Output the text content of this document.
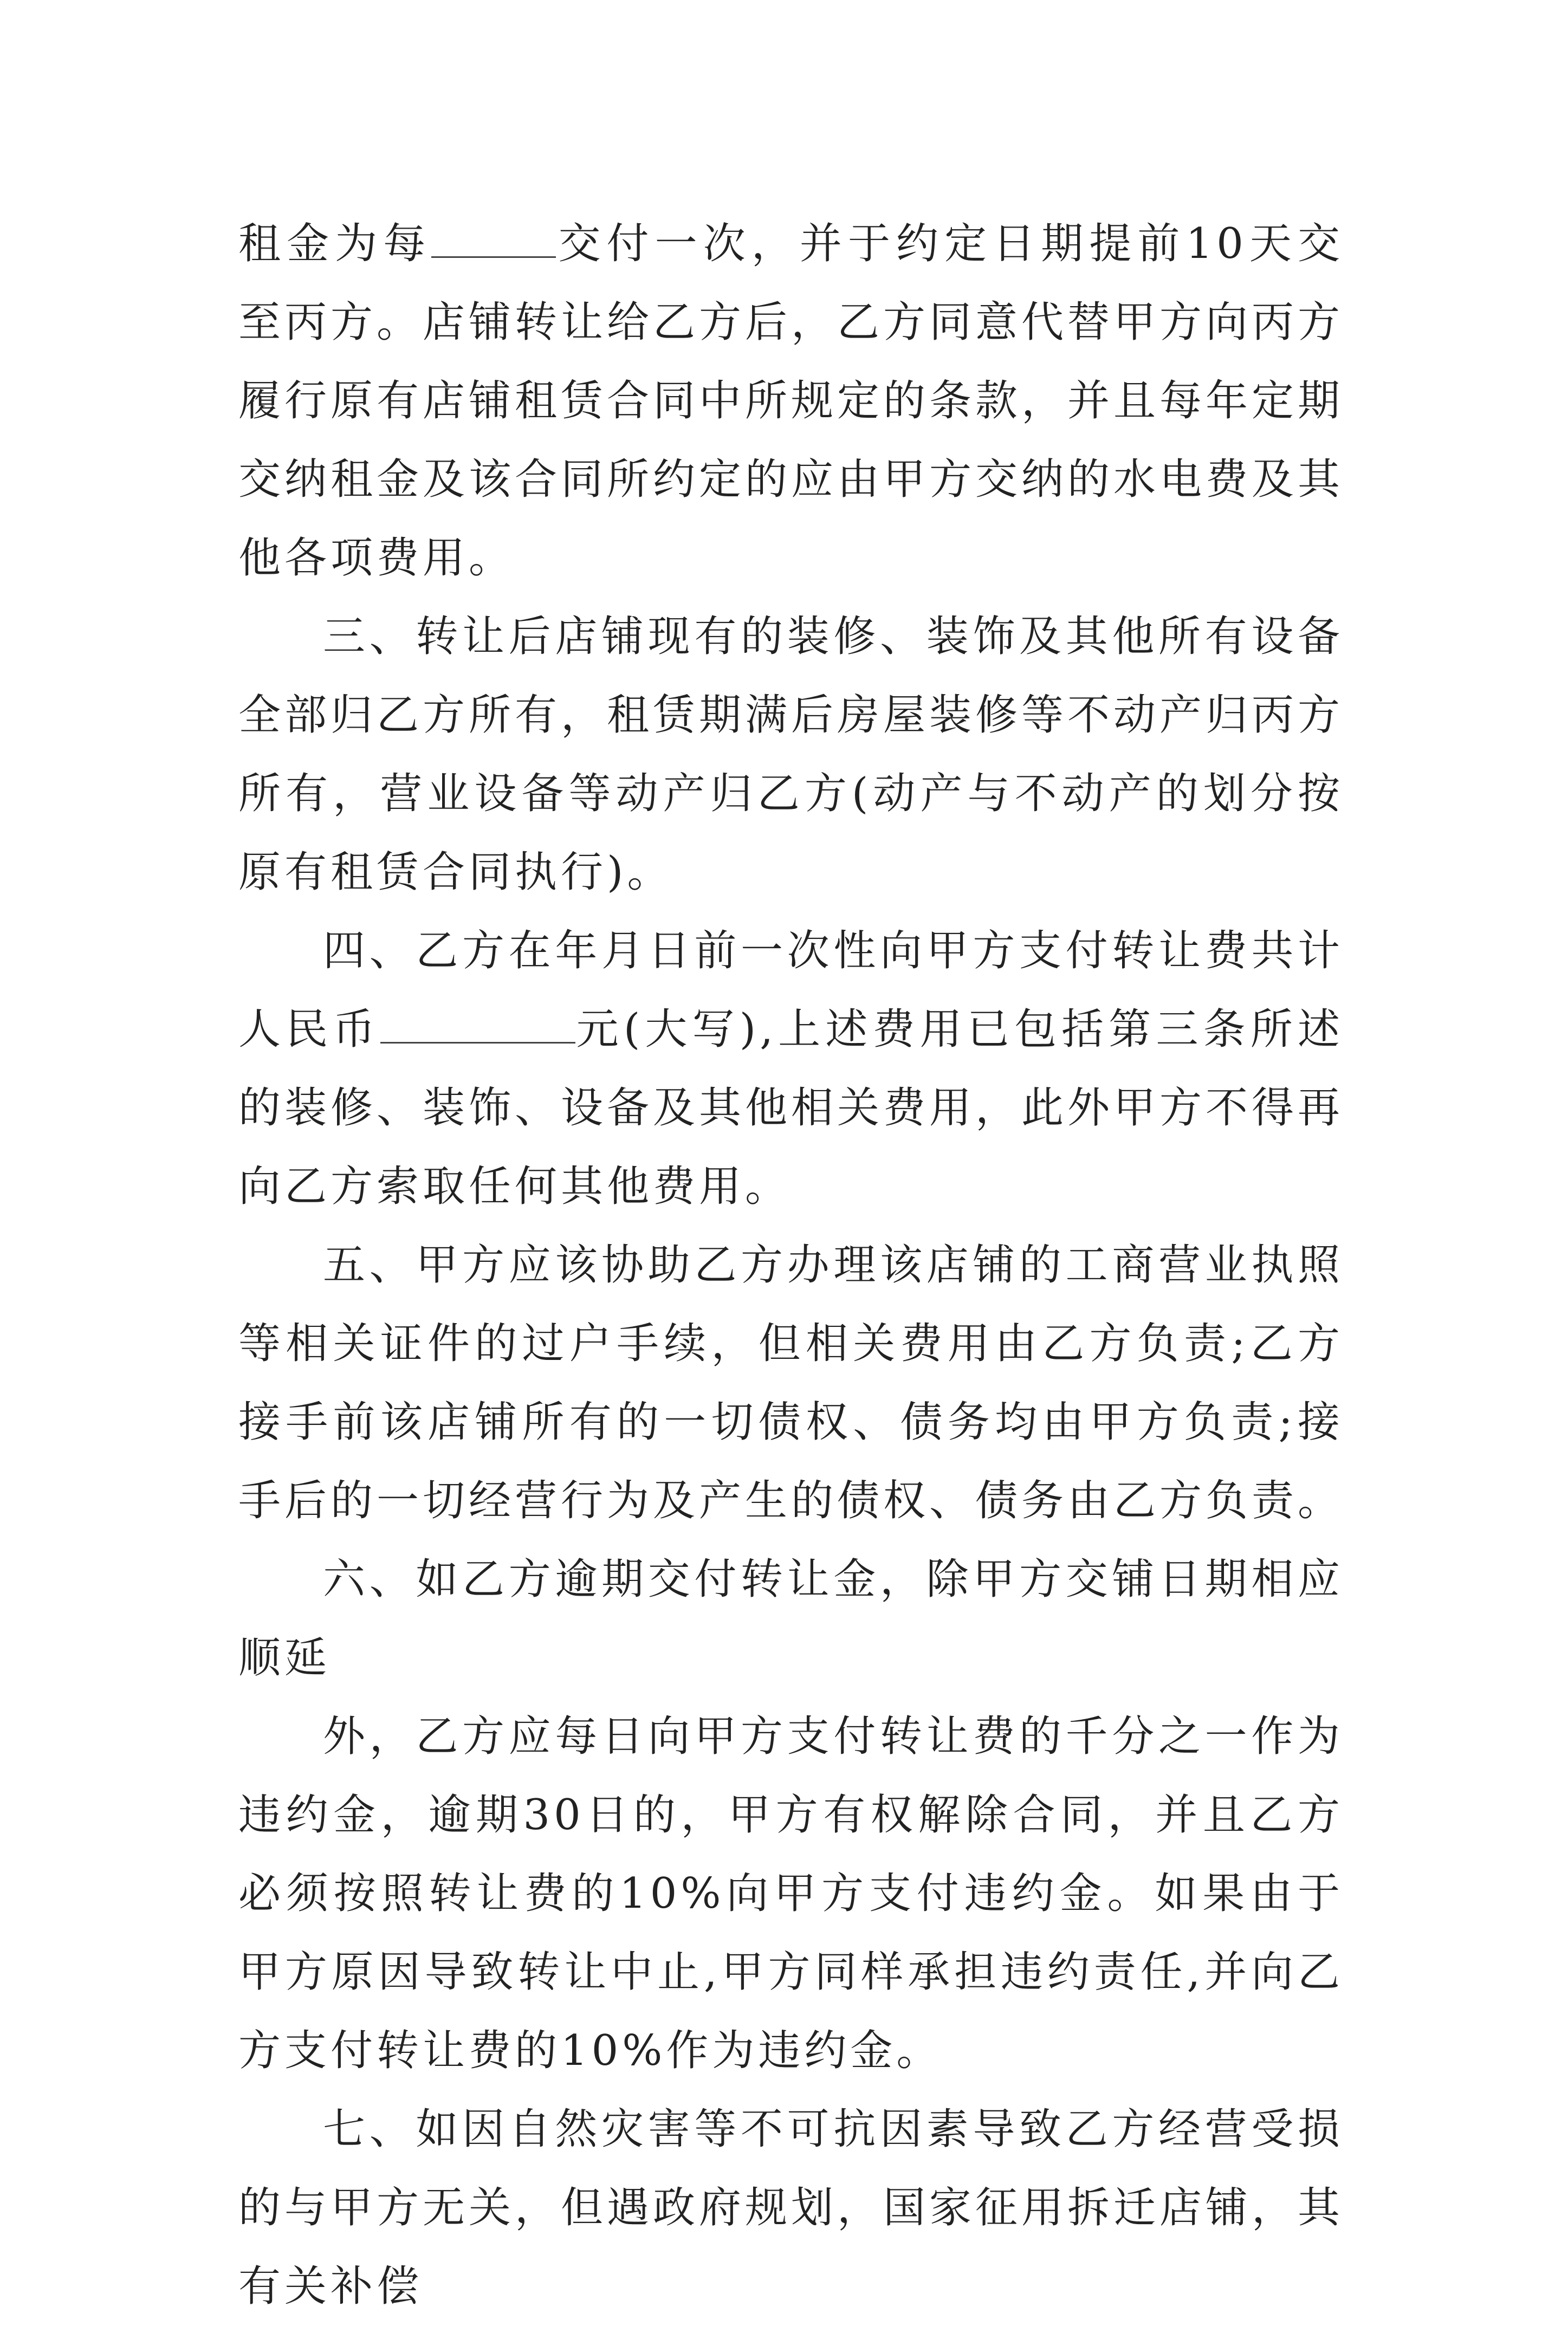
租金为每	交付一次，并于约定日期提前10天交至丙方。店铺转让给乙方后，乙方同意代替甲方向丙方履行原有店铺租赁合同中所规定的条款，并且每年定期交纳租金及该合同所约定的应由甲方交纳的水电费及其他各项费用。

三、转让后店铺现有的装修、装饰及其他所有设备全部归乙方所有，租赁期满后房屋装修等不动产归丙方所有，营业设备等动产归乙方(动产与不动产的划分按原有租赁合同执行)。

四、乙方在年月日前一次性向甲方支付转让费共计人民币	元(大写),上述费用已包括第三条所述的装修、装饰、设备及其他相关费用，此外甲方不得再向乙方索取任何其他费用。

五、甲方应该协助乙方办理该店铺的工商营业执照等相关证件的过户手续，但相关费用由乙方负责;乙方接手前该店铺所有的一切债权、债务均由甲方负责;接手后的一切经营行为及产生的债权、债务由乙方负责。

六、如乙方逾期交付转让金，除甲方交铺日期相应顺延

外，乙方应每日向甲方支付转让费的千分之一作为违约金，逾期30日的，甲方有权解除合同，并且乙方必须按照转让费的10%向甲方支付违约金。如果由于甲方原因导致转让中止,甲方同样承担违约责任,并向乙方支付转让费的10%作为违约金。

七、如因自然灾害等不可抗因素导致乙方经营受损的与甲方无关，但遇政府规划，国家征用拆迁店铺，其有关补偿
